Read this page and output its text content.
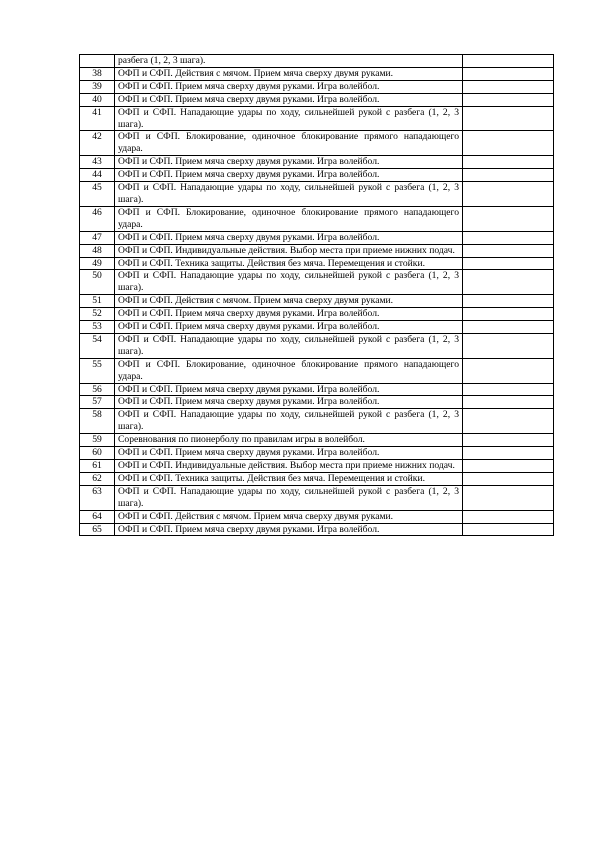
	разбега (1, 2, 3 шага).	
38	ОФП и СФП. Действия с мячом. Прием мяча сверху двумя руками.	
39	ОФП и СФП. Прием мяча сверху двумя руками. Игра волейбол.	
40	ОФП и СФП. Прием мяча сверху двумя руками. Игра волейбол.	
41	ОФП и СФП. Нападающие удары по ходу, сильнейшей рукой с разбега (1, 2, 3 шага).	
42	ОФП и СФП. Блокирование, одиночное блокирование прямого нападающего удара.	
43	ОФП и СФП. Прием мяча сверху двумя руками. Игра волейбол.	
44	ОФП и СФП. Прием мяча сверху двумя руками. Игра волейбол.	
45	ОФП и СФП. Нападающие удары по ходу, сильнейшей рукой с разбега (1, 2, 3 шага).	
46	ОФП и СФП. Блокирование, одиночное блокирование прямого нападающего удара.	
47	ОФП и СФП. Прием мяча сверху двумя руками. Игра волейбол.	
48	ОФП и СФП. Индивидуальные действия. Выбор места при приеме нижних подач.	
49	ОФП и СФП. Техника защиты. Действия без мяча. Перемещения и стойки.	
50	ОФП и СФП. Нападающие удары по ходу, сильнейшей рукой с разбега (1, 2, 3 шага).	
51	ОФП и СФП. Действия с мячом. Прием мяча сверху двумя руками.	
52	ОФП и СФП. Прием мяча сверху двумя руками. Игра волейбол.	
53	ОФП и СФП. Прием мяча сверху двумя руками. Игра волейбол.	
54	ОФП и СФП. Нападающие удары по ходу, сильнейшей рукой с разбега (1, 2, 3 шага).	
55	ОФП и СФП. Блокирование, одиночное блокирование прямого нападающего удара.	
56	ОФП и СФП. Прием мяча сверху двумя руками. Игра волейбол.	
57	ОФП и СФП. Прием мяча сверху двумя руками. Игра волейбол.	
58	ОФП и СФП. Нападающие удары по ходу, сильнейшей рукой с разбега (1, 2, 3 шага).	
59	Соревнования по пионерболу по правилам игры в волейбол.	
60	ОФП и СФП. Прием мяча сверху двумя руками. Игра волейбол.	
61	ОФП и СФП. Индивидуальные действия. Выбор места при приеме нижних подач.	
62	ОФП и СФП. Техника защиты. Действия без мяча. Перемещения и стойки.	
63	ОФП и СФП. Нападающие удары по ходу, сильнейшей рукой с разбега (1, 2, 3 шага).	
64	ОФП и СФП. Действия с мячом. Прием мяча сверху двумя руками.	
65	ОФП и СФП. Прием мяча сверху двумя руками. Игра волейбол.	
